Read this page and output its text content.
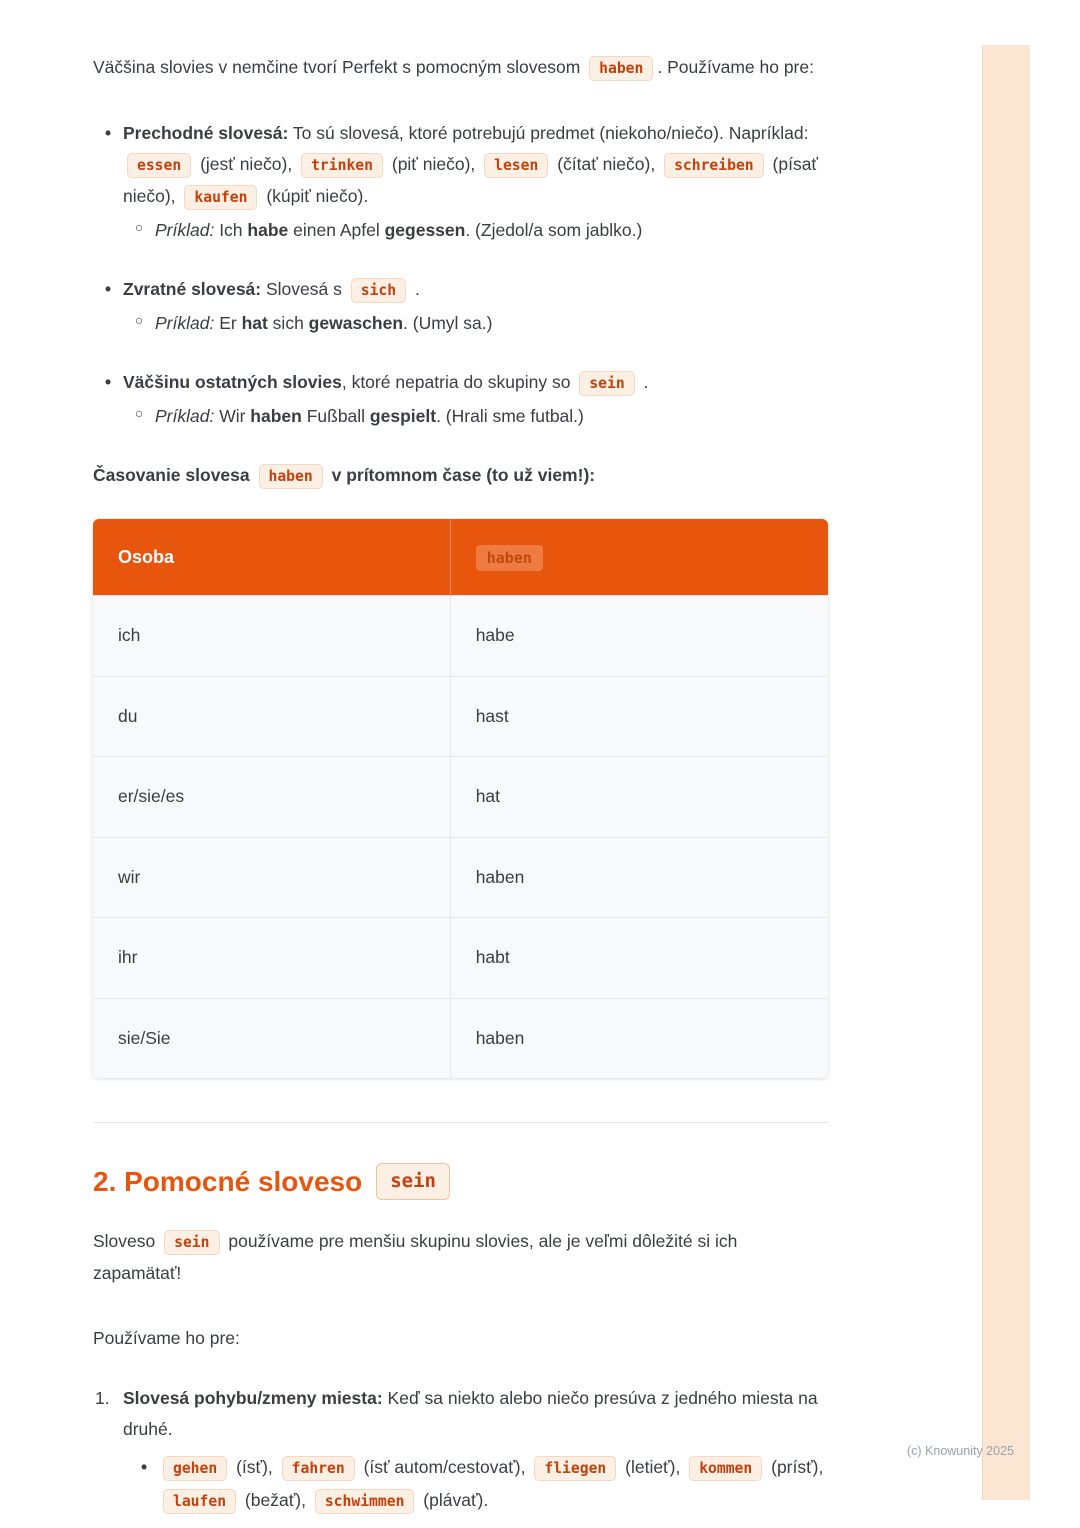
Väčšina slovies v nemčine tvorí Perfekt s pomocným slovesom haben . Používame ho pre:

• Prechodné slovesá: To sú slovesá, ktoré potrebujú predmet (niekoho/niečo). Napríklad: essen (jesť niečo), trinken (piť niečo), lesen (čítať niečo), schreiben (písať niečo), kaufen (kúpiť niečo).
○ Príklad: Ich habe einen Apfel gegessen. (Zjedol/a som jablko.)
• Zvratné slovesá: Slovesá s sich .
○ Príklad: Er hat sich gewaschen. (Umyl sa.)
• Väčšinu ostatných slovies, ktoré nepatria do skupiny so sein .
○ Príklad: Wir haben Fußball gespielt. (Hrali sme futbal.)

Časovanie slovesa haben v prítomnom čase (to už viem!):

Osoba	haben
ich	habe
du	hast
er/sie/es	hat
wir	haben
ihr	habt
sie/Sie	haben
2. Pomocné sloveso	sein

Sloveso sein používame pre menšiu skupinu slovies, ale je veľmi dôležité si ich zapamätať!

Používame ho pre:

1. Slovesá pohybu/zmeny miesta: Keď sa niekto alebo niečo presúva z jedného miesta na druhé.
• gehen (ísť), fahren (ísť autom/cestovať), fliegen (letieť), kommen (prísť), laufen (bežať), schwimmen (plávať).
(c) Knowunity 2025
